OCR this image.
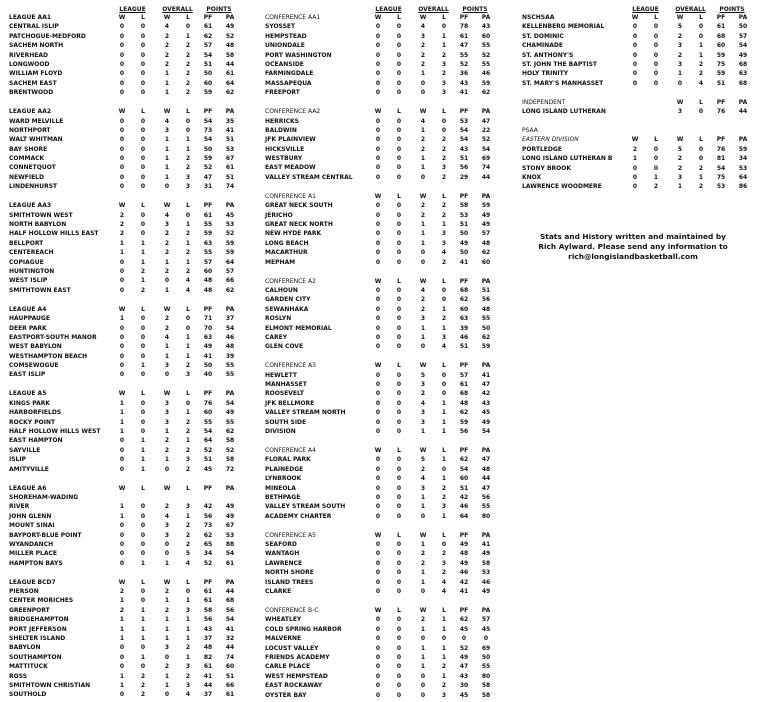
LEAGUE	OVERALL	POINTS
LEAGUE AA1	W	L	W	L	PF	PA
CENTRAL ISLIP	0	0	4	0	61	49
PATCHOGUE-MEDFORD	0	0	2	1	62	52
SACHEM NORTH	0	0	2	2	57	48
RIVERHEAD	0	0	2	2	54	58
LONGWOOD	0	0	2	2	51	44
WILLIAM FLOYD	0	0	1	2	50	61
SACHEM EAST	0	0	1	2	60	64
BRENTWOOD	0	0	1	2	59	62
LEAGUE AA2	W	L	W	L	PF	PA
WARD MELVILLE	0	0	4	0	54	35
NORTHPORT	0	0	3	0	73	41
WALT WHITMAN	0	0	1	1	54	51
BAY SHORE	0	0	1	1	50	53
COMMACK	0	0	1	2	59	67
CONNETQUOT	0	0	1	2	52	61
NEWFIELD	0	0	1	3	47	51
LINDENHURST	0	0	0	3	31	74
LEAGUE AA3	W	L	W	L	PF	PA
SMITHTOWN WEST	2	0	4	0	61	45
NORTH BABYLON	2	0	3	1	55	53
HALF HOLLOW HILLS EAST	2	0	2	2	59	52
BELLPORT	1	1	2	1	63	59
CENTEREACH	1	1	2	2	55	59
COPIAGUE	0	1	1	1	57	64
HUNTINGTON	0	2	2	2	60	57
WEST ISLIP	0	1	0	4	48	66
SMITHTOWN EAST	0	2	1	4	48	62
LEAGUE A4	W	L	W	L	PF	PA
HAUPPAUGE	1	0	2	0	71	37
DEER PARK	0	0	2	0	70	54
EASTPORT-SOUTH MANOR	0	0	4	1	63	46
WEST BABYLON	0	0	1	1	49	48
WESTHAMPTON BEACH	0	0	1	1	41	39
COMSEWOGUE	0	1	3	2	50	55
EAST ISLIP	0	0	0	3	40	55
LEAGUE A5	W	L	W	L	PF	PA
KINGS PARK	1	0	3	0	76	54
HARBORFIELDS	1	0	3	1	60	49
ROCKY POINT	1	0	3	2	55	55
HALF HOLLOW HILLS WEST	1	0	1	2	54	62
EAST HAMPTON	0	1	2	1	64	58
SAYVILLE	0	1	2	2	52	52
ISLIP	0	1	1	3	51	58
AMITYVILLE	0	1	0	2	45	72
LEAGUE A6	W	L	W	L	PF	PA
SHOREHAM-WADING
RIVER	1	0	2	3	42	49
JOHN GLENN	1	0	4	1	56	49
MOUNT SINAI	0	0	3	2	73	67
BAYPORT-BLUE POINT	0	0	3	2	62	53
WYANDANCH	0	0	0	2	65	88
MILLER PLACE	0	0	0	5	34	54
HAMPTON BAYS	0	1	1	4	52	61
LEAGUE BCD7	W	L	W	L	PF	PA
PIERSON	2	0	2	0	61	44
CENTER MORICHES	1	0	1	1	61	68
GREENPORT	2	1	2	3	58	56
BRIDGEHAMPTON	1	1	1	1	56	54
PORT JEFFERSON	1	1	1	1	43	41
SHELTER ISLAND	1	1	1	1	37	32
BABYLON	0	0	3	2	48	44
SOUTHAMPTON	0	1	0	1	82	74
MATTITUCK	0	0	2	3	61	60
ROSS	1	2	1	2	41	51
SMITHTOWN CHRISTIAN	1	2	1	3	44	66
SOUTHOLD	0	2	0	4	37	61
LEAGUE	OVERALL	POINTS
CONFERENCE AA1	W	L	W	L	PF	PA
SYOSSET	0	0	4	0	78	43
HEMPSTEAD	0	0	3	1	61	60
UNIONDALE	0	0	2	1	47	55
PORT WASHINGTON	0	0	2	2	55	52
OCEANSIDE	0	0	2	3	52	55
FARMINGDALE	0	0	1	2	36	46
MASSAPEQUA	0	0	0	3	43	59
FREEPORT	0	0	0	3	41	62
CONFERENCE AA2	W	L	W	L	PF	PA
HERRICKS	0	0	4	0	53	47
BALDWIN	0	0	1	0	54	22
JFK PLAINVIEW	0	0	2	2	54	52
HICKSVILLE	0	0	2	2	43	54
WESTBURY	0	0	1	2	51	69
EAST MEADOW	0	0	1	3	56	74
VALLEY STREAM CENTRAL	0	0	0	2	29	44
CONFERENCE A1	W	L	W	L	PF	PA
GREAT NECK SOUTH	0	0	2	2	58	59
JERICHO	0	0	2	2	53	49
GREAT NECK NORTH	0	0	1	1	51	49
NEW HYDE PARK	0	0	1	3	50	57
LONG BEACH	0	0	1	3	49	48
MACARTHUR	0	0	0	4	50	62
MEPHAM	0	0	0	2	41	60
CONFERENCE A2	W	L	W	L	PF	PA
CALHOUN	0	0	4	0	68	51
GARDEN CITY	0	0	2	0	62	56
SEWANHAKA	0	0	2	1	60	48
ROSLYN	0	0	3	2	63	55
ELMONT MEMORIAL	0	0	1	1	39	50
CAREY	0	0	1	3	46	62
GLEN COVE	0	0	0	4	51	59
CONFERENCE A3	W	L	W	L	PF	PA
HEWLETT	0	0	5	0	57	41
MANHASSET	0	0	3	0	61	47
ROOSEVELT	0	0	2	0	68	42
JFK BELLMORE	0	0	4	1	48	43
VALLEY STREAM NORTH	0	0	3	1	62	45
SOUTH SIDE	0	0	3	1	59	49
DIVISION	0	0	1	1	56	54
CONFERENCE A4	W	L	W	L	PF	PA
FLORAL PARK	0	0	5	1	62	47
PLAINEDGE	0	0	2	0	54	48
LYNBROOK	0	0	4	1	60	44
MINEOLA	0	0	3	2	51	47
BETHPAGE	0	0	1	2	42	56
VALLEY STREAM SOUTH	0	0	1	3	46	55
ACADEMY CHARTER	0	0	0	1	64	80
CONFERENCE A5	W	L	W	L	PF	PA
SEAFORD	0	0	1	0	49	41
WANTAGH	0	0	2	2	48	49
LAWRENCE	0	0	2	3	49	58
NORTH SHORE	0	0	1	2	46	53
ISLAND TREES	0	0	1	4	42	46
CLARKE	0	0	0	4	41	49
CONFERENCE B-C	W	L	W	L	PF	PA
WHEATLEY	0	0	2	1	62	57
COLD SPRING HARBOR	0	0	1	1	45	45
MALVERNE	0	0	0	0	0	0
LOCUST VALLEY	0	0	1	1	52	69
FRIENDS ACADEMY	0	0	1	1	49	50
CARLE PLACE	0	0	1	2	47	55
WEST HEMPSTEAD	0	0	0	1	43	80
EAST ROCKAWAY	0	0	0	2	30	58
OYSTER BAY	0	0	0	3	45	58
LEAGUE	OVERALL	POINTS
NSCHSAA	W	L	W	L	PF	PA
KELLENBERG MEMORIAL	0	0	5	0	61	50
ST. DOMINIC	0	0	2	0	68	57
CHAMINADE	0	0	3	1	60	54
ST. ANTHONY'S	0	0	2	1	59	49
ST. JOHN THE BAPTIST	0	0	3	2	75	68
HOLY TRINITY	0	0	1	2	59	63
ST. MARY'S MANHASSET	0	0	0	4	51	68
INDEPENDENT	W	L	PF	PA
LONG ISLAND LUTHERAN	3	0	76	44
PSAA
EASTERN DIVISION	W	L	W	L	PF	PA
PORTLEDGE	2	0	5	0	76	59
LONG ISLAND LUTHERAN B	1	0	2	0	81	34
STONY BROOK	0	0	2	2	54	53
KNOX	0	1	3	1	75	64
LAWRENCE WOODMERE	0	2	1	2	53	86
Stats and History written and maintained by
Rich Aylward. Please send any information to
rich@longislandbasketball.com
